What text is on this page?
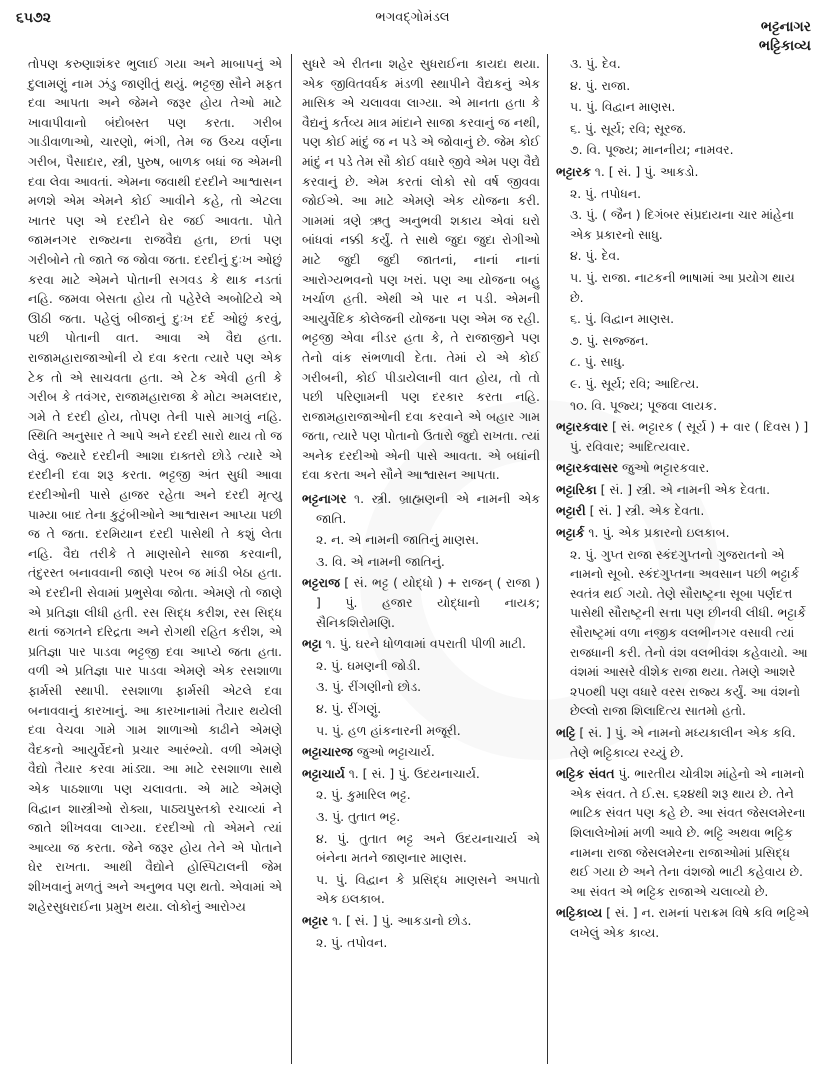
૬૫૭૨	ભગવદ્ગોમંડલ
ભટ્ટનાગર
ભટ્ટિકાવ્ય

તોપણ કરુણાશંકર ભુલાઈ ગયા અને માબાપનું એ દુલામણું નામ ઝંડુ જાણીતું થયું. ભટ્ટજી સૌને મફત દવા આપતા અને જેમને જરૂર હોય તેઓ માટે ખાવાપીવાનો બંદોબસ્ત પણ કરતા. ગરીબ ગાડીવાળાઓ, ચારણો, ભંગી, તેમ જ ઉચ્ચ વર્ણના ગરીબ, પૈસાદાર, સ્ત્રી, પુરુષ, બાળક બધાં જ એમની દવા લેવા આવતાં. એમના જવાથી દરદીને આશ્વાસન મળશે એમ એમને કોઈ આવીને કહે, તો એટલા ખાતર પણ એ દરદીને ઘેર જઈ આવતા. પોતે જામનગર રાજ્યના રાજવૈદ્ય હતા, છતાં પણ ગરીબોને તો જાતે જ જોવા જતા. દરદીનું દુઃખ ઓછું કરવા માટે એમને પોતાની સગવડ કે થાક નડતાં નહિ. જમવા બેસતા હોય તો પહેરેલે અબોટિયે એ ઊઠી જતા. પહેલું બીજાનું દુઃખ દર્દ ઓછું કરવું, પછી પોતાની વાત. આવા એ વૈદ્ય હતા. રાજામહારાજાઓની યે દવા કરતા ત્યારે પણ એક ટેક તો એ સાચવતા હતા. એ ટેક એવી હતી કે ગરીબ કે તવંગર, રાજામહારાજા કે મોટા અમલદાર, ગમે તે દરદી હોય, તોપણ તેની પાસે માગવું નહિ. સ્થિતિ અનુસાર તે આપે અને દરદી સારો થાય તો જ લેવું. જ્યારે દરદીની આશા દાક્તરો છોડે ત્યારે એ દરદીની દવા શરૂ કરતા. ભટ્ટજી અંત સુધી આવા દરદીઓની પાસે હાજર રહેતા અને દરદી મૃત્યુ પામ્યા બાદ તેના કુટુંબીઓને આશ્વાસન આપ્યા પછી જ તે જતા. દરમિયાન દરદી પાસેથી તે કશું લેતા નહિ. વૈદ્ય તરીકે તે માણસોને સાજા કરવાની, તંદુરસ્ત બનાવવાની જાણે પરબ જ માંડી બેઠા હતા. એ દરદીની સેવામાં પ્રભુસેવા જોતા. એમણે તો જાણે એ પ્રતિજ્ઞા લીધી હતી. રસ સિદ્ધ કરીશ, રસ સિદ્ધ થતાં જગતને દરિદ્રતા અને રોગથી રહિત કરીશ, એ પ્રતિજ્ઞા પાર પાડવા ભટ્ટજી દવા આપ્યે જતા હતા. વળી એ પ્રતિજ્ઞા પાર પાડવા એમણે એક રસશાળા ફાર્મસી સ્થાપી. રસશાળા ફાર્મસી એટલે દવા બનાવવાનું કારખાનું. આ કારખાનામાં તૈયાર થયેલી દવા વેચવા ગામે ગામ શાળાઓ કાઢીને એમણે વૈદકનો આયુર્વેદનો પ્રચાર આરંભ્યો. વળી એમણે વૈદ્યો તૈયાર કરવા માંડ્યા. આ માટે રસશાળા સાથે એક પાઠશાળા પણ ચલાવતા. એ માટે એમણે વિદ્વાન શાસ્ત્રીઓ રોક્યા, પાઠ્યપુસ્તકો રચાવ્યાં ને જાતે શીખવવા લાગ્યા. દરદીઓ તો એમને ત્યાં આવ્યા જ કરતા. જેને જરૂર હોય તેને એ પોતાને ઘેર રાખતા. આથી વૈદ્યોને હોસ્પિટાલની જેમ શીખવાનું મળતું અને અનુભવ પણ થતો. એવામાં એ શહેરસુધરાઈના પ્રમુખ થયા. લોકોનું આરોગ્ય

સુધરે એ રીતના શહેર સુધરાઈના કાયદા થયા. એક જીવિતવર્ધક મંડળી સ્થાપીને વૈદ્યકનું એક માસિક એ ચલાવવા લાગ્યા. એ માનતા હતા કે વૈદ્યનું કર્તવ્ય માત્ર માંદાને સાજા કરવાનું જ નથી, પણ કોઈ માંદું જ ન પડે એ જોવાનું છે. જેમ કોઈ માંદું ન પડે તેમ સૌ કોઈ વધારે જીવે એમ પણ વૈદ્યે કરવાનું છે. એમ કરતાં લોકો સો વર્ષ જીવવા જોઈએ. આ માટે એમણે એક યોજના કરી. ગામમાં ત્રણે ઋતુ અનુભવી શકાય એવાં ઘરો બાંધવાં નક્કી કર્યું. તે સાથે જુદા જુદા રોગીઓ માટે જુદી જુદી જાતનાં, નાનાં નાનાં આરોગ્યભવનો પણ ખરાં. પણ આ યોજના બહુ ખર્ચાળ હતી. એથી એ પાર ન પડી. એમની આયુર્વેદિક કોલેજની યોજના પણ એમ જ રહી. ભટ્ટજી એવા નીડર હતા કે, તે રાજાજીને પણ તેનો વાંક સંભળાવી દેતા. તેમાં યે એ કોઈ ગરીબની, કોઈ પીડાયેલાની વાત હોય, તો તો પછી પરિણામની પણ દરકાર કરતા નહિ. રાજામહારાજાઓની દવા કરવાને એ બહાર ગામ જતા, ત્યારે પણ પોતાનો ઉતારો જુદો રાખતા. ત્યાં અનેક દરદીઓ એની પાસે આવતા. એ બધાંની દવા કરતા અને સૌને આશ્વાસન આપતા.

ભટ્ટનાગર ૧. સ્ત્રી. બ્રાહ્મણની એ નામની એક જાતિ.

૨. ન. એ નામની જાતિનું માણસ.

૩. વિ. એ નામની જાતિનું.

ભટ્ટરાજ [ સં. ભટ્ટ ( યોદ્ધો ) + રાજન્ ( રાજા ) ] પું. હજાર યોદ્ધાનો નાયક; સૈનિકશિરોમણિ.

ભટ્ટા ૧. પું. ઘરને ધોળવામાં વપરાતી પીળી માટી.

૨. પું. ઘમણની જોડી.

૩. પું. રીંગણીનો છોડ.

૪. પું. રીંગણું.

૫. પું. હળ હાંકનારની મજૂરી.

ભટ્ટાચારજ જુઓ ભટ્ટાચાર્ય.

ભટ્ટાચાર્ય ૧. [ સં. ] પું. ઉદયનાચાર્ય.

૨. પું. કુમારિલ ભટ્ટ.

૩. પું. તુતાત ભટ્ટ.

૪. પું. તુતાત ભટ્ટ અને ઉદયનાચાર્ય એ બંનેના મતને જાણનાર માણસ.

૫. પું. વિદ્વાન કે પ્રસિદ્ધ માણસને અપાતો એક ઇલકાબ.

ભટ્ટાર ૧. [ સં. ] પું. આકડાનો છોડ.

૨. પું. તપોવન.

૩. પું. દેવ.

૪. પું. રાજા.

૫. પું. વિદ્વાન માણસ.

૬. પું. સૂર્ય; રવિ; સૂરજ.

૭. વિ. પૂજ્ય; માનનીય; નામવર.

ભટ્ટારક ૧. [ સં. ] પું. આકડો.

૨. પું. તપોધન.

૩. પું. ( જૈન ) દિગંબર સંપ્રદાયના ચાર માંહેના એક પ્રકારનો સાધુ.

૪. પું. દેવ.

૫. પું. રાજા. નાટકની ભાષામાં આ પ્રયોગ થાય છે.

૬. પું. વિદ્વાન માણસ.

૭. પું. સજ્જન.

૮. પું. સાધુ.

૯. પું. સૂર્ય; રવિ; આદિત્ય.

૧૦. વિ. પૂજ્ય; પૂજવા લાયક.

ભટ્ટારકવાર [ સં. ભટ્ટારક ( સૂર્ય ) + વાર ( દિવસ ) ] પું. રવિવાર; આદિત્યવાર.

ભટ્ટારકવાસર જુઓ ભટ્ટારકવાર.

ભટ્ટારિકા [ સં. ] સ્ત્રી. એ નામની એક દેવતા.

ભટ્ટારી [ સં. ] સ્ત્રી. એક દેવતા.

ભટ્ટાર્ક ૧. પું. એક પ્રકારનો ઇલકાબ.

૨. પું. ગુપ્ત રાજા સ્કંદગુપ્તનો ગુજરાતનો એ નામનો સૂબો. સ્કંદગુપ્તના અવસાન પછી ભટ્ટાર્ક સ્વતંત્ર થઈ ગયો. તેણે સૌરાષ્ટ્રના સૂબા પર્ણદત્ત પાસેથી સૌરાષ્ટ્રની સત્તા પણ છીનવી લીધી. ભટ્ટાર્કે સૌરાષ્ટ્રમાં વળા નજીક વલભીનગર વસાવી ત્યાં રાજધાની કરી. તેનો વંશ વલભીવંશ કહેવાયો. આ વંશમાં આસરે વીશેક રાજા થયા. તેમણે આશરે ૨૫૦થી પણ વધારે વરસ રાજ્ય કર્યું. આ વંશનો છેલ્લો રાજા શિલાદિત્ય સાતમો હતો.

ભટ્ટિ [ સં. ] પું. એ નામનો મધ્યકાલીન એક કવિ. તેણે ભટ્ટિકાવ્ય રચ્યું છે.

ભટ્ટિક સંવત પું. ભારતીય ચોત્રીશ માંહેનો એ નામનો એક સંવત. તે ઈ.સ. ૬૨૪થી શરૂ થાય છે. તેને ભાટિક સંવત પણ કહે છે. આ સંવત જેસલમેરના શિલાલેખોમાં મળી આવે છે. ભટ્ટિ અથવા ભટ્ટિક નામના રાજા જેસલમેરના રાજાઓમાં પ્રસિદ્ધ થઈ ગયા છે અને તેના વંશજો ભાટી કહેવાય છે. આ સંવત એ ભટ્ટિક રાજાએ ચલાવ્યો છે.

ભટ્ટિકાવ્ય [ સં. ] ન. રામનાં પરાક્રમ વિષે કવિ ભટ્ટિએ લખેલું એક કાવ્ય.
